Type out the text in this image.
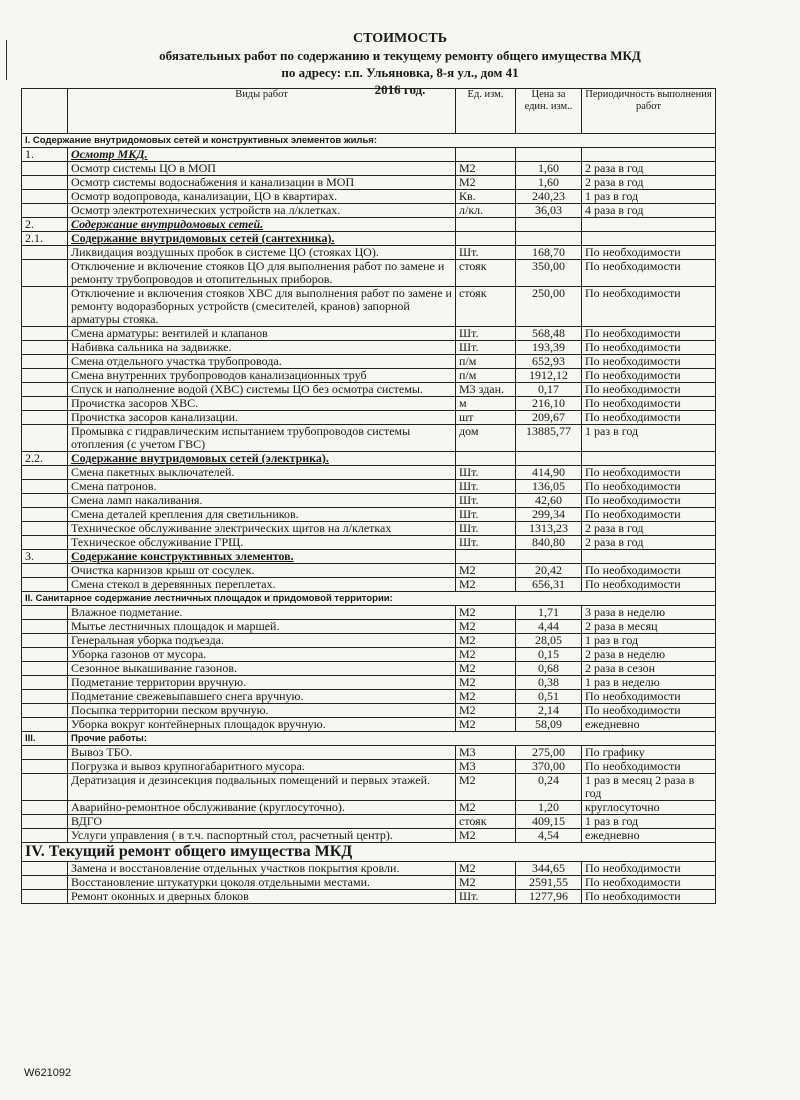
СТОИМОСТЬ
обязательных работ по содержанию и текущему ремонту общего имущества МКД
по адресу: г.п. Ульяновка, 8-я ул., дом 41
2016 год.
	Виды работ	Ед. изм.	Цена за един. изм..	Периодичность выполнения работ
I. Содержание внутридомовых сетей и конструктивных элементов жилья:				
1.	Осмотр МКД.			
	Осмотр системы ЦО в МОП	М2	1,60	2 раза в год
	Осмотр системы водоснабжения и канализации в МОП	М2	1,60	2 раза в год
	Осмотр водопровода, канализации, ЦО в квартирах.	Кв.	240,23	1 раз в год
	Осмотр электротехнических устройств на л/клетках.	л/кл.	36,03	4 раза в год
2.	Содержание внутридомовых сетей.			
2.1.	Содержание внутридомовых сетей (сантехника).			
	Ликвидация воздушных пробок в системе ЦО (стояках ЦО).	Шт.	168,70	По необходимости
	Отключение и включение стояков ЦО для выполнения работ по замене и ремонту трубопроводов и отопительных приборов.	стояк	350,00	По необходимости
	Отключение и включения стояков ХВС для выполнения работ по замене и ремонту водоразборных устройств (смесителей, кранов) запорной арматуры стояка.	стояк	250,00	По необходимости
	Смена арматуры: вентилей и клапанов	Шт.	568,48	По необходимости
	Набивка сальника на задвижке.	Шт.	193,39	По необходимости
	Смена отдельного участка трубопровода.	п/м	652,93	По необходимости
	Смена внутренних трубопроводов канализационных труб	п/м	1912,12	По необходимости
	Спуск и наполнение водой (ХВС) системы ЦО без осмотра системы.	М3 здан.	0,17	По необходимости
	Прочистка засоров ХВС.	м	216,10	По необходимости
	Прочистка засоров канализации.	шт	209,67	По необходимости
	Промывка с гидравлическим испытанием трубопроводов системы отопления (с учетом ГВС)	дом	13885,77	1 раз в год
2.2.	Содержание внутридомовых сетей (электрика).			
	Смена пакетных выключателей.	Шт.	414,90	По необходимости
	Смена патронов.	Шт.	136,05	По необходимости
	Смена ламп накаливания.	Шт.	42,60	По необходимости
	Смена деталей крепления для светильников.	Шт.	299,34	По необходимости
	Техническое обслуживание электрических щитов на л/клетках	Шт.	1313,23	2 раза в год
	Техническое обслуживание ГРЩ.	Шт.	840,80	2 раза в год
3.	Содержание конструктивных элементов.			
	Очистка карнизов крыш от сосулек.	М2	20,42	По необходимости
	Смена стекол в деревянных переплетах.	М2	656,31	По необходимости
II. Санитарное содержание лестничных площадок и придомовой территории:				
	Влажное подметание.	М2	1,71	3 раза в неделю
	Мытье лестничных площадок и маршей.	М2	4,44	2 раза в месяц
	Генеральная уборка подъезда.	М2	28,05	1 раз в год
	Уборка газонов от мусора.	М2	0,15	2 раза в неделю
	Сезонное выкашивание газонов.	М2	0,68	2 раза в сезон
	Подметание территории вручную.	М2	0,38	1 раз в неделю
	Подметание свежевыпавшего снега вручную.	М2	0,51	По необходимости
	Посыпка территории песком вручную.	М2	2,14	По необходимости
	Уборка вокруг контейнерных площадок вручную.	М2	58,09	ежедневно
III.	Прочие работы:			
	Вывоз ТБО.	М3	275,00	По графику
	Погрузка и вывоз крупногабаритного мусора.	М3	370,00	По необходимости
	Дератизация и дезинсекция подвальных помещений и первых этажей.	М2	0,24	1 раз в месяц 2 раза в год
	Аварийно-ремонтное обслуживание (круглосуточно).	М2	1,20	круглосуточно
	ВДГО	стояк	409,15	1 раз в год
	Услуги управления ( в т.ч. паспортный стол, расчетный центр).	М2	4,54	ежедневно
IV. Текущий ремонт общего имущества МКД				
	Замена и восстановление отдельных участков покрытия кровли.	М2	344,65	По необходимости
	Восстановление штукатурки цоколя отдельными местами.	М2	2591,55	По необходимости
	Ремонт оконных и дверных блоков	Шт.	1277,96	По необходимости
W621092
